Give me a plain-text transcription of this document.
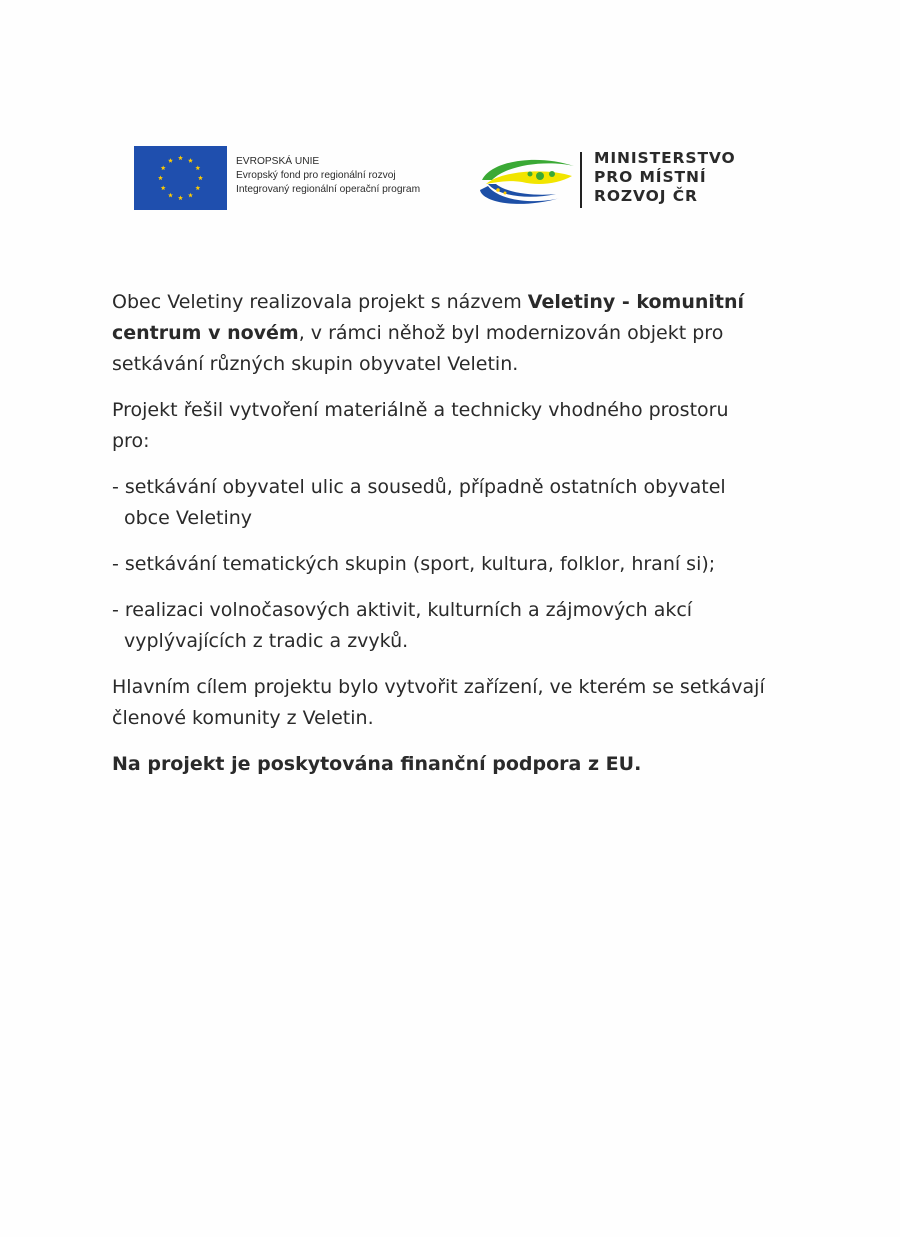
EVROPSKÁ UNIE
Evropský fond pro regionální rozvoj
Integrovaný regionální operační program
MINISTERSTVO
PRO MÍSTNÍ
ROZVOJ ČR

Obec Veletiny realizovala projekt s názvem Veletiny - komunitní centrum v novém, v rámci něhož byl modernizován objekt pro setkávání různých skupin obyvatel Veletin.

Projekt řešil vytvoření materiálně a technicky vhodného prostoru pro:

- setkávání obyvatel ulic a sousedů, případně ostatních obyvatel obce Veletiny

- setkávání tematických skupin (sport, kultura, folklor, hraní si);

- realizaci volnočasových aktivit, kulturních a zájmových akcí vyplývajících z tradic a zvyků.

Hlavním cílem projektu bylo vytvořit zařízení, ve kterém se setkávají členové komunity z Veletin.

Na projekt je poskytována finanční podpora z EU.
